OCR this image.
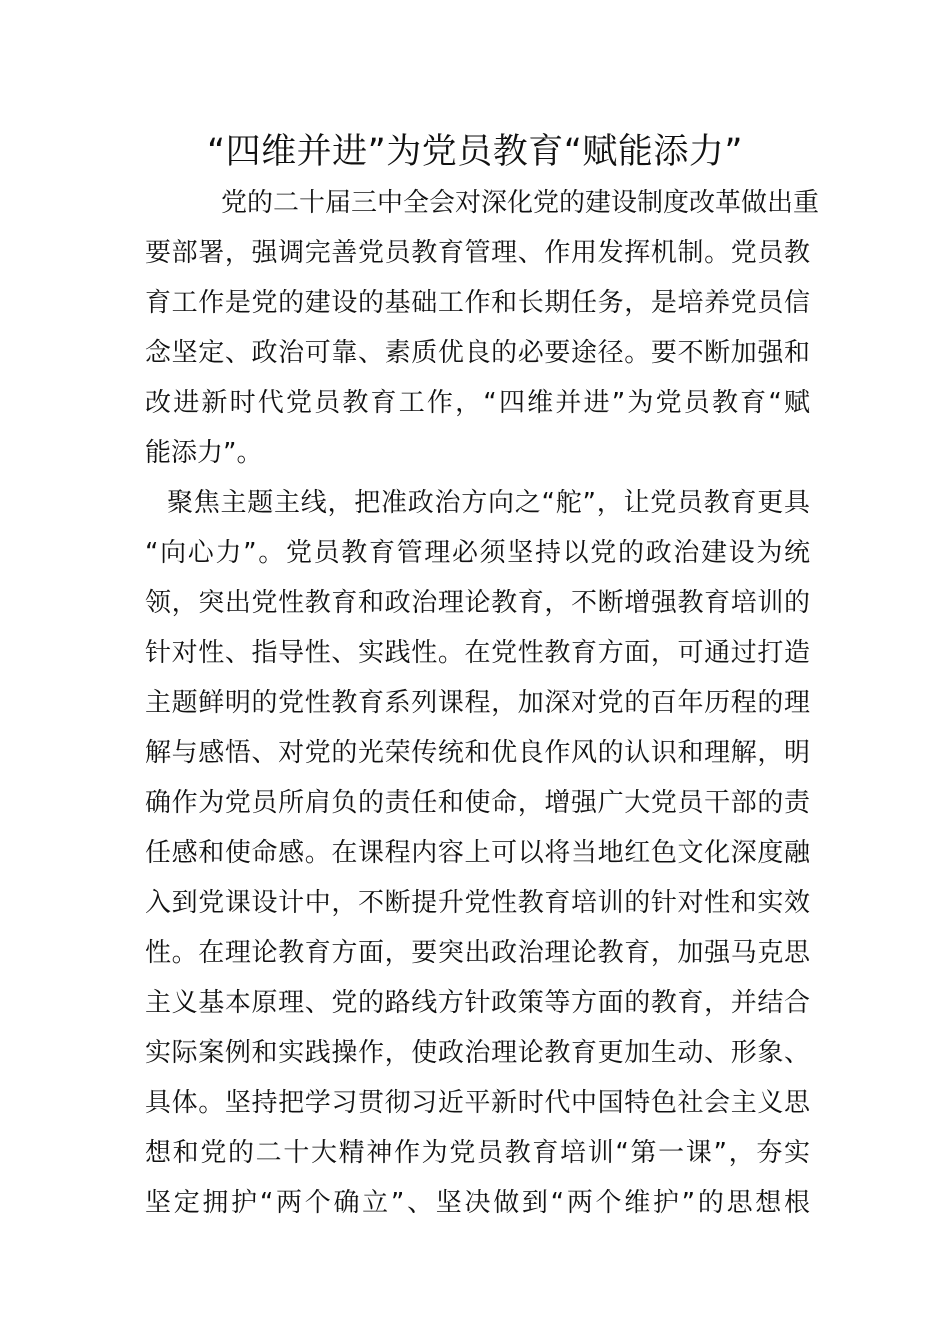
“四维并进”为党员教育“赋能添力”
党的二十届三中全会对深化党的建设制度改革做出重
要部署，强调完善党员教育管理、作用发挥机制。党员教
育工作是党的建设的基础工作和长期任务，是培养党员信
念坚定、政治可靠、素质优良的必要途径。要不断加强和
改进新时代党员教育工作，“四维并进”为党员教育“赋
能添力”。
聚焦主题主线，把准政治方向之“舵”，让党员教育更具
“向心力”。党员教育管理必须坚持以党的政治建设为统
领，突出党性教育和政治理论教育，不断增强教育培训的
针对性、指导性、实践性。在党性教育方面，可通过打造
主题鲜明的党性教育系列课程，加深对党的百年历程的理
解与感悟、对党的光荣传统和优良作风的认识和理解，明
确作为党员所肩负的责任和使命，增强广大党员干部的责
任感和使命感。在课程内容上可以将当地红色文化深度融
入到党课设计中，不断提升党性教育培训的针对性和实效
性。在理论教育方面，要突出政治理论教育，加强马克思
主义基本原理、党的路线方针政策等方面的教育，并结合
实际案例和实践操作，使政治理论教育更加生动、形象、
具体。坚持把学习贯彻习近平新时代中国特色社会主义思
想和党的二十大精神作为党员教育培训“第一课”，夯实
坚定拥护“两个确立”、坚决做到“两个维护”的思想根
